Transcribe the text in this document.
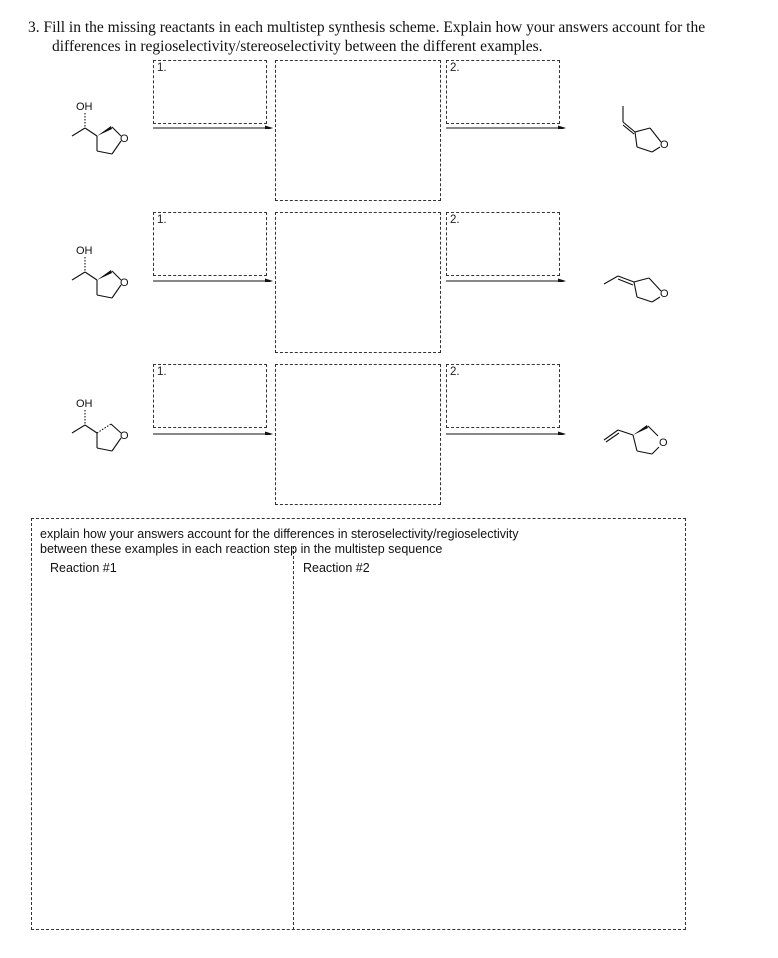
3. Fill in the missing reactants in each multistep synthesis scheme. Explain how your answers account for the
differences in regioselectivity/stereoselectivity between the different examples.
OH
O
1.	2.
O
OH
O
1.	2.
O
OH
O
1.	2.
O
explain how your answers account for the differences in steroselectivity/regioselectivity
between these examples in each reaction step in the multistep sequence
Reaction #1	Reaction #2
